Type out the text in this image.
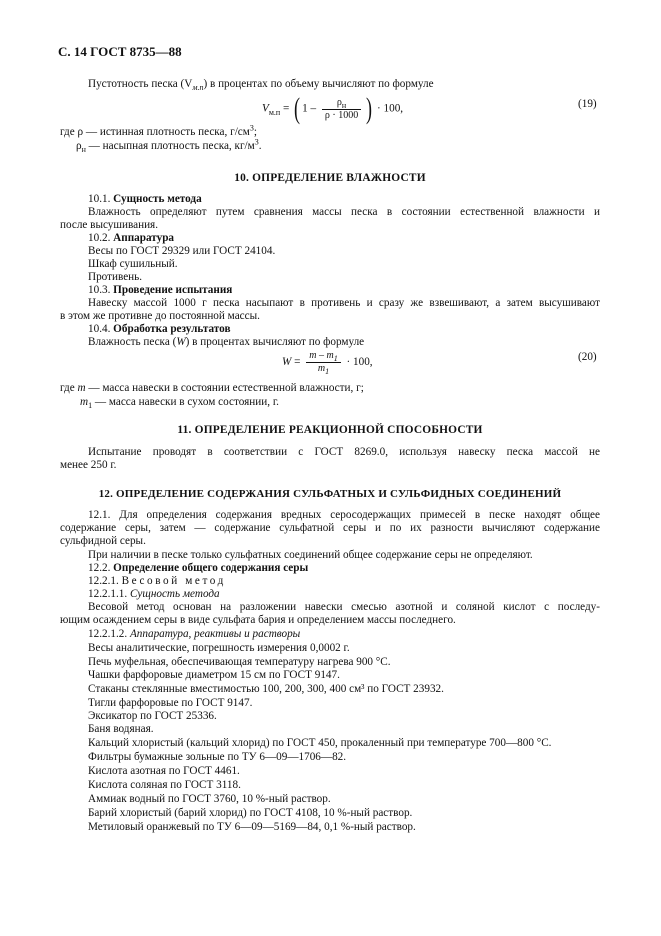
С. 14 ГОСТ 8735—88
Пустотность песка $(V_{м.п})$ в процентах по объему вычисляют по формуле
$V_{м.п}$ = ( $1 - \frac{\rho_н}{\rho \cdot 1000}$ ) · 100,	(19)
где ρ — истинная плотность песка, $г/см^3$;
$\rho_н$ — насыпная плотность песка, $кг/м^3$.
10. ОПРЕДЕЛЕНИЕ ВЛАЖНОСТИ
10.1. Сущность метода
Влажность определяют путем сравнения массы песка в состоянии естественной влажности и
после высушивания.
10.2. Аппаратура
Весы по ГОСТ 29329 или ГОСТ 24104.
Шкаф сушильный.
Противень.
10.3. Проведение испытания
Навеску массой 1000 г песка насыпают в противень и сразу же взвешивают, а затем высушивают
в этом же противне до постоянной массы.
10.4. Обработка результатов
Влажность песка (W) в процентах вычисляют по формуле
$W = \frac{m - m_1}{m_1} \cdot 100$,	(20)
где m — масса навески в состоянии естественной влажности, г;
$m_1$ — масса навески в сухом состоянии, г.
11. ОПРЕДЕЛЕНИЕ РЕАКЦИОННОЙ СПОСОБНОСТИ
Испытание проводят в соответствии с ГОСТ 8269.0, используя навеску песка массой не
менее 250 г.
12. ОПРЕДЕЛЕНИЕ СОДЕРЖАНИЯ СУЛЬФАТНЫХ И СУЛЬФИДНЫХ СОЕДИНЕНИЙ
12.1. Для определения содержания вредных серосодержащих примесей в песке находят общее
содержание серы, затем — содержание сульфатной серы и по их разности вычисляют содержание
сульфидной серы.
При наличии в песке только сульфатных соединений общее содержание серы не определяют.
12.2. Определение общего содержания серы
12.2.1. Весовой метод
12.2.1.1. Сущность метода
Весовой метод основан на разложении навески смесью азотной и соляной кислот с последу-
ющим осаждением серы в виде сульфата бария и определением массы последнего.
12.2.1.2. Аппаратура, реактивы и растворы
Весы аналитические, погрешность измерения 0,0002 г.
Печь муфельная, обеспечивающая температуру нагрева 900 °С.
Чашки фарфоровые диаметром 15 см по ГОСТ 9147.
Стаканы стеклянные вместимостью 100, 200, 300, 400 см³ по ГОСТ 23932.
Тигли фарфоровые по ГОСТ 9147.
Эксикатор по ГОСТ 25336.
Баня водяная.
Кальций хлористый (кальций хлорид) по ГОСТ 450, прокаленный при температуре 700—800 °С.
Фильтры бумажные зольные по ТУ 6—09—1706—82.
Кислота азотная по ГОСТ 4461.
Кислота соляная по ГОСТ 3118.
Аммиак водный по ГОСТ 3760, 10 %-ный раствор.
Барий хлористый (барий хлорид) по ГОСТ 4108, 10 %-ный раствор.
Метиловый оранжевый по ТУ 6—09—5169—84, 0,1 %-ный раствор.
